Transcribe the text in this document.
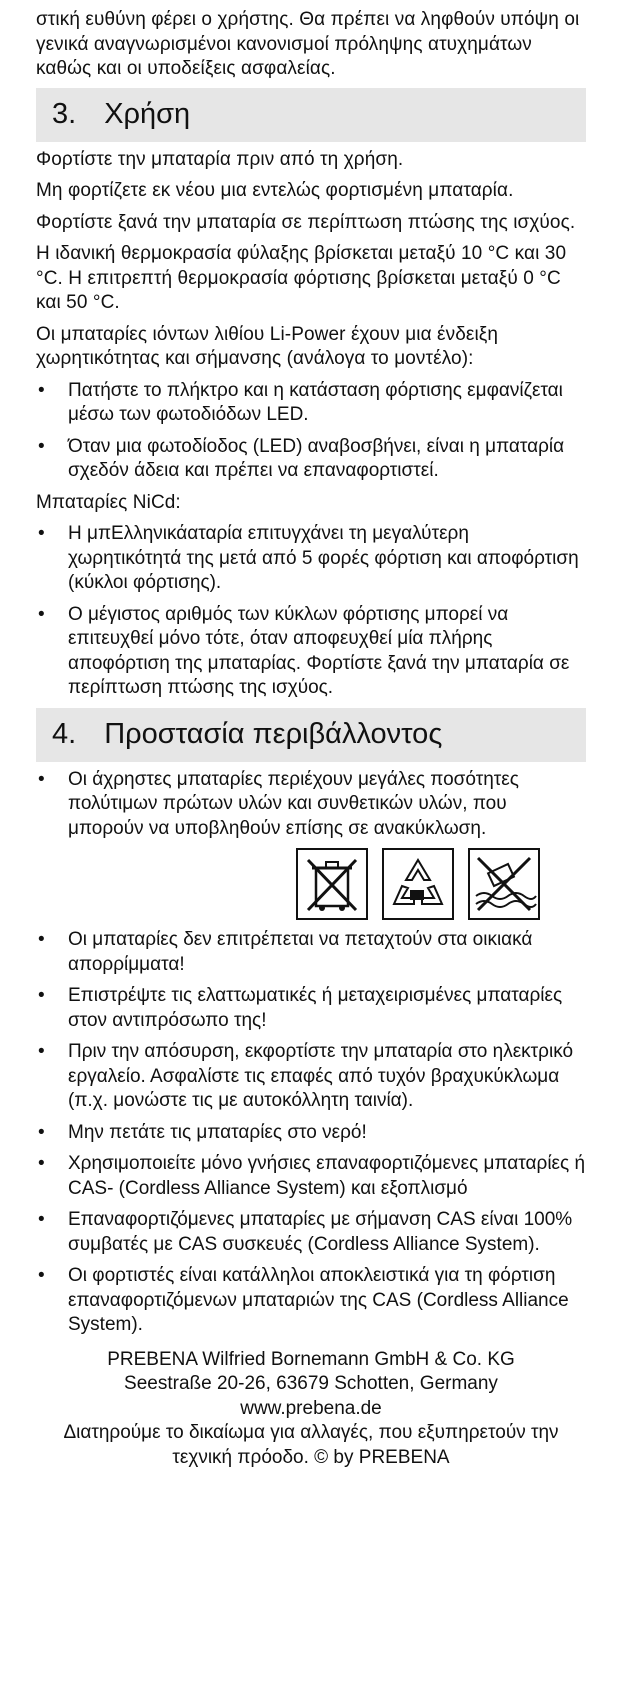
στική ευθύνη φέρει ο χρήστης. Θα πρέπει να ληφθούν υπόψη οι γενικά αναγνωρισμένοι κανονισμοί πρόληψης ατυχημάτων καθώς και οι υποδείξεις ασφαλείας.

3. Χρήση

Φορτίστε την μπαταρία πριν από τη χρήση.

Μη φορτίζετε εκ νέου μια εντελώς φορτισμένη μπαταρία.

Φορτίστε ξανά την μπαταρία σε περίπτωση πτώσης της ισχύος.

Η ιδανική θερμοκρασία φύλαξης βρίσκεται μεταξύ 10 °C και 30 °C. Η επιτρεπτή θερμοκρασία φόρτισης βρίσκεται μεταξύ 0 °C και 50 °C.

Οι μπαταρίες ιόντων λιθίου Li-Power έχουν μια ένδειξη χωρητικότητας και σήμανσης (ανάλογα το μοντέλο):

• Πατήστε το πλήκτρο και η κατάσταση φόρτισης εμφανίζεται μέσω των φωτοδιόδων LED.
• Όταν μια φωτοδίοδος (LED) αναβοσβήνει, είναι η μπαταρία σχεδόν άδεια και πρέπει να επαναφορτιστεί.

Μπαταρίες NiCd:

• Η μπΕλληνικάαταρία επιτυγχάνει τη μεγαλύτερη χωρητικότητά της μετά από 5 φορές φόρτιση και αποφόρτιση (κύκλοι φόρτισης).
• Ο μέγιστος αριθμός των κύκλων φόρτισης μπορεί να επιτευχθεί μόνο τότε, όταν αποφευχθεί μία πλήρης αποφόρτιση της μπαταρίας. Φορτίστε ξανά την μπαταρία σε περίπτωση πτώσης της ισχύος.
4. Προστασία περιβάλλοντος
• Οι άχρηστες μπαταρίες περιέχουν μεγάλες ποσότητες πολύτιμων πρώτων υλών και συνθετικών υλών, που μπορούν να υποβληθούν επίσης σε ανακύκλωση.
• Οι μπαταρίες δεν επιτρέπεται να πεταχτούν στα οικιακά απορρίμματα!
• Επιστρέψτε τις ελαττωματικές ή μεταχειρισμένες μπαταρίες στον αντιπρόσωπο της!
• Πριν την απόσυρση, εκφορτίστε την μπαταρία στο ηλεκτρικό εργαλείο. Ασφαλίστε τις επαφές από τυχόν βραχυκύκλωμα (π.χ. μονώστε τις με αυτοκόλλητη ταινία).
• Μην πετάτε τις μπαταρίες στο νερό!
• Χρησιμοποιείτε μόνο γνήσιες επαναφορτιζόμενες μπαταρίες ή CAS- (Cordless Alliance System) και εξοπλισμό
• Επαναφορτιζόμενες μπαταρίες με σήμανση CAS είναι 100% συμβατές με CAS συσκευές (Cordless Alliance System).
• Οι φορτιστές είναι κατάλληλοι αποκλειστικά για τη φόρτιση επαναφορτιζόμενων μπαταριών της CAS (Cordless Alliance System).
PREBENA Wilfried Bornemann GmbH & Co. KG
Seestraße 20-26, 63679 Schotten, Germany
www.prebena.de
Διατηρούμε το δικαίωμα για αλλαγές, που εξυπηρετούν την τεχνική πρόοδο. © by PREBENA
